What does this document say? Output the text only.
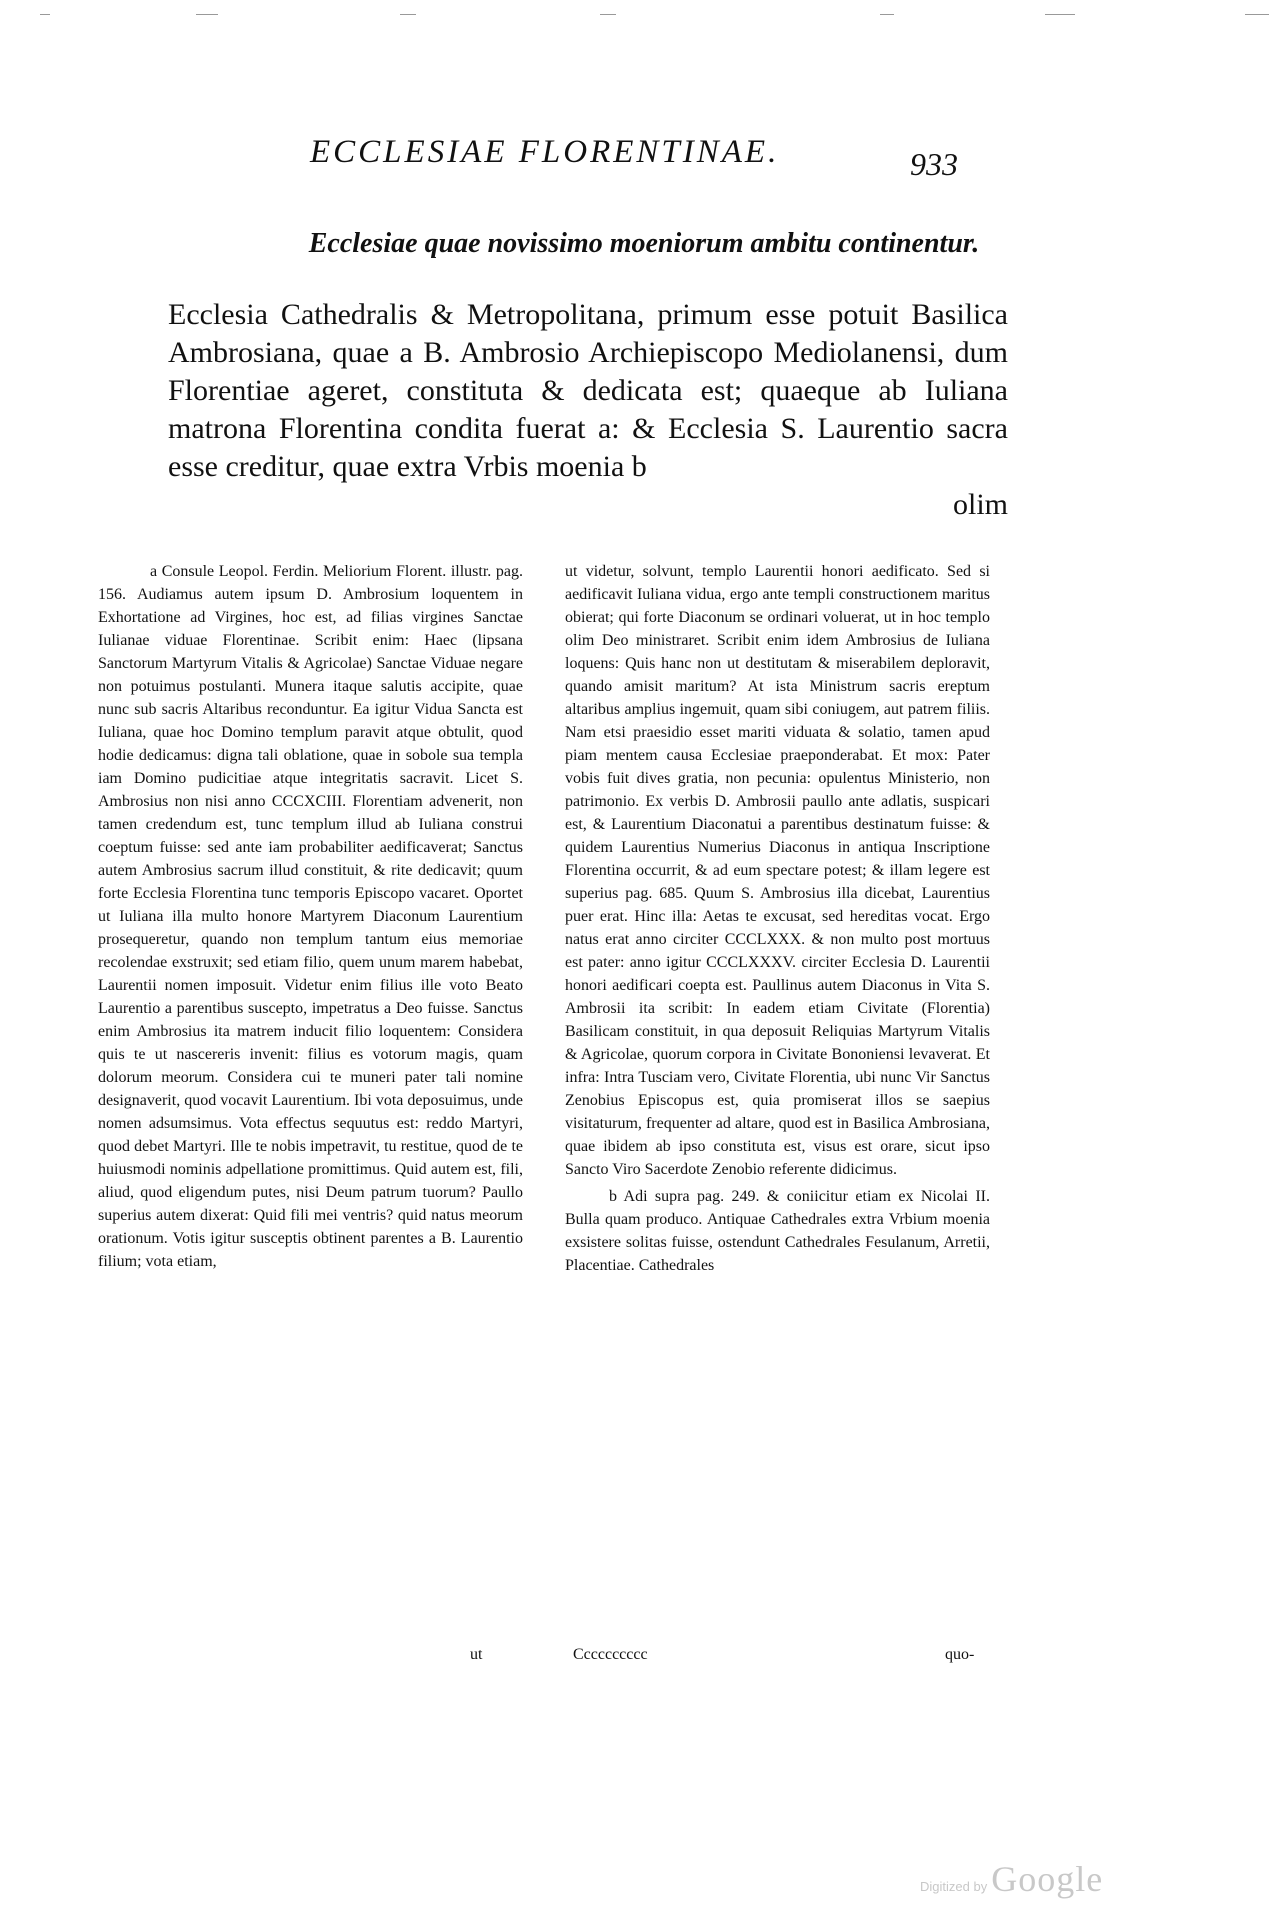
ECCLESIAE FLORENTINAE.	933
Ecclesiae quae novissimo moeniorum ambitu continentur.

Ecclesia Cathedralis & Metropolitana, primum esse potuit Basilica Ambrosiana, quae a B. Ambrosio Archiepiscopo Mediolanensi, dum Florentiae ageret, constituta & dedicata est; quaeque ab Iuliana matrona Florentina condita fuerat a: & Ecclesia S. Laurentio sacra esse creditur, quae extra Vrbis moenia b

olim

a Consule Leopol. Ferdin. Meliorium Florent. illustr. pag. 156. Audiamus autem ipsum D. Ambrosium loquentem in Exhortatione ad Virgines, hoc est, ad filias virgines Sanctae Iulianae viduae Florentinae. Scribit enim: Haec (lipsana Sanctorum Martyrum Vitalis & Agricolae) Sanctae Viduae negare non potuimus postulanti. Munera itaque salutis accipite, quae nunc sub sacris Altaribus reconduntur. Ea igitur Vidua Sancta est Iuliana, quae hoc Domino templum paravit atque obtulit, quod hodie dedicamus: digna tali oblatione, quae in sobole sua templa iam Domino pudicitiae atque integritatis sacravit. Licet S. Ambrosius non nisi anno CCCXCIII. Florentiam advenerit, non tamen credendum est, tunc templum illud ab Iuliana construi coeptum fuisse: sed ante iam probabiliter aedificaverat; Sanctus autem Ambrosius sacrum illud constituit, & rite dedicavit; quum forte Ecclesia Florentina tunc temporis Episcopo vacaret. Oportet ut Iuliana illa multo honore Martyrem Diaconum Laurentium prosequeretur, quando non templum tantum eius memoriae recolendae exstruxit; sed etiam filio, quem unum marem habebat, Laurentii nomen imposuit. Videtur enim filius ille voto Beato Laurentio a parentibus suscepto, impetratus a Deo fuisse. Sanctus enim Ambrosius ita matrem inducit filio loquentem: Considera quis te ut nascereris invenit: filius es votorum magis, quam dolorum meorum. Considera cui te muneri pater tali nomine designaverit, quod vocavit Laurentium. Ibi vota deposuimus, unde nomen adsumsimus. Vota effectus sequutus est: reddo Martyri, quod debet Martyri. Ille te nobis impetravit, tu restitue, quod de te huiusmodi nominis adpellatione promittimus. Quid autem est, fili, aliud, quod eligendum putes, nisi Deum patrum tuorum? Paullo superius autem dixerat: Quid fili mei ventris? quid natus meorum orationum. Votis igitur susceptis obtinent parentes a B. Laurentio filium; vota etiam,

ut videtur, solvunt, templo Laurentii honori aedificato. Sed si aedificavit Iuliana vidua, ergo ante templi constructionem maritus obierat; qui forte Diaconum se ordinari voluerat, ut in hoc templo olim Deo ministraret. Scribit enim idem Ambrosius de Iuliana loquens: Quis hanc non ut destitutam & miserabilem deploravit, quando amisit maritum? At ista Ministrum sacris ereptum altaribus amplius ingemuit, quam sibi coniugem, aut patrem filiis. Nam etsi praesidio esset mariti viduata & solatio, tamen apud piam mentem causa Ecclesiae praeponderabat. Et mox: Pater vobis fuit dives gratia, non pecunia: opulentus Ministerio, non patrimonio. Ex verbis D. Ambrosii paullo ante adlatis, suspicari est, & Laurentium Diaconatui a parentibus destinatum fuisse: & quidem Laurentius Numerius Diaconus in antiqua Inscriptione Florentina occurrit, & ad eum spectare potest; & illam legere est superius pag. 685. Quum S. Ambrosius illa dicebat, Laurentius puer erat. Hinc illa: Aetas te excusat, sed hereditas vocat. Ergo natus erat anno circiter CCCLXXX. & non multo post mortuus est pater: anno igitur CCCLXXXV. circiter Ecclesia D. Laurentii honori aedificari coepta est. Paullinus autem Diaconus in Vita S. Ambrosii ita scribit: In eadem etiam Civitate (Florentia) Basilicam constituit, in qua deposuit Reliquias Martyrum Vitalis & Agricolae, quorum corpora in Civitate Bononiensi levaverat. Et infra: Intra Tusciam vero, Civitate Florentia, ubi nunc Vir Sanctus Zenobius Episcopus est, quia promiserat illos se saepius visitaturum, frequenter ad altare, quod est in Basilica Ambrosiana, quae ibidem ab ipso constituta est, visus est orare, sicut ipso Sancto Viro Sacerdote Zenobio referente didicimus.

b Adi supra pag. 249. & coniicitur etiam ex Nicolai II. Bulla quam produco. Antiquae Cathedrales extra Vrbium moenia exsistere solitas fuisse, ostendunt Cathedrales Fesulanum, Arretii, Placentiae. Cathedrales

ut	Cccccccccc	quo-
Digitized by Google
